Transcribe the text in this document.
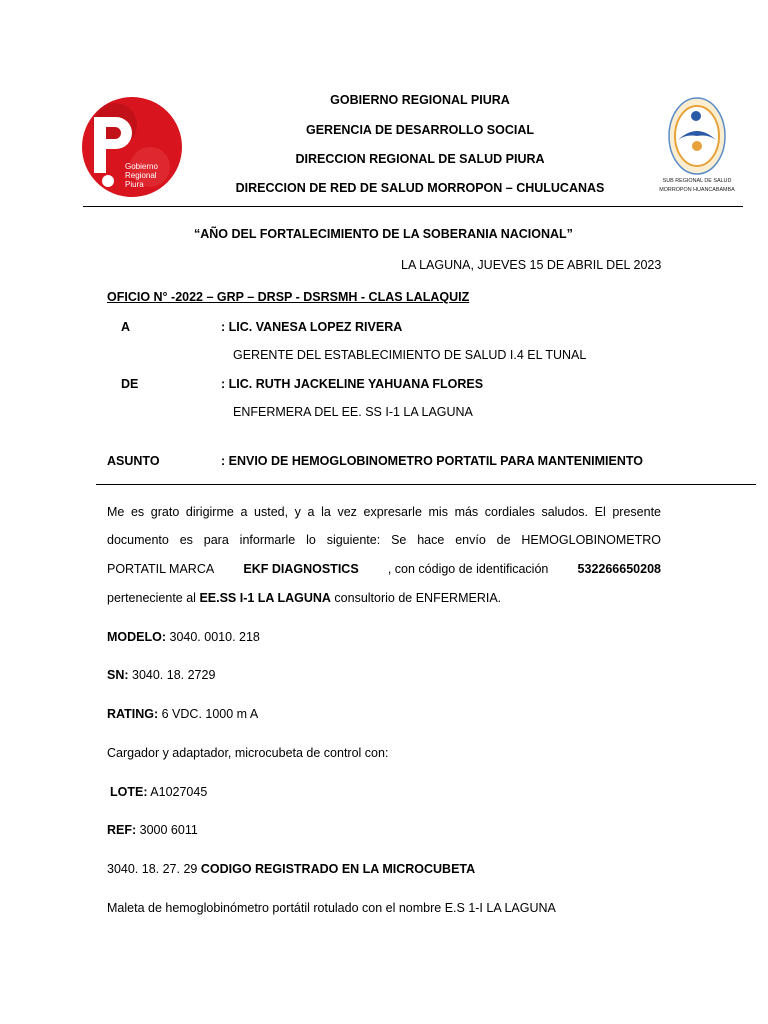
Gobierno
Regional
Piura
GOBIERNO REGIONAL PIURA
GERENCIA DE DESARROLLO SOCIAL
DIRECCION REGIONAL DE SALUD PIURA
DIRECCION DE RED DE SALUD MORROPON – CHULUCANAS	SUB REGIONAL DE SALUD
MORROPON HUANCABAMBA
“AÑO DEL FORTALECIMIENTO DE LA SOBERANIA NACIONAL”
LA LAGUNA, JUEVES 15 DE ABRIL DEL 2023
OFICIO N° -2022 – GRP – DRSP - DSRSMH - CLAS LALAQUIZ
A	: LIC. VANESA LOPEZ RIVERA
GERENTE DEL ESTABLECIMIENTO DE SALUD I.4 EL TUNAL
DE	: LIC. RUTH JACKELINE YAHUANA FLORES
ENFERMERA DEL EE. SS I-1 LA LAGUNA
ASUNTO	: ENVIO DE HEMOGLOBINOMETRO PORTATIL PARA MANTENIMIENTO
Me es grato dirigirme a usted, y a la vez expresarle mis más cordiales saludos. El presente
documento es para informarle lo siguiente: Se hace envío de HEMOGLOBINOMETRO
PORTATIL MARCA EKF DIAGNOSTICS , con código de identificación 532266650208
perteneciente al EE.SS I-1 LA LAGUNA consultorio de ENFERMERIA.
MODELO: 3040. 0010. 218
SN: 3040. 18. 2729
RATING: 6 VDC. 1000 m A
Cargador y adaptador, microcubeta de control con:
LOTE: A1027045
REF: 3000 6011
3040. 18. 27. 29 CODIGO REGISTRADO EN LA MICROCUBETA
Maleta de hemoglobinómetro portátil rotulado con el nombre E.S 1-I LA LAGUNA
